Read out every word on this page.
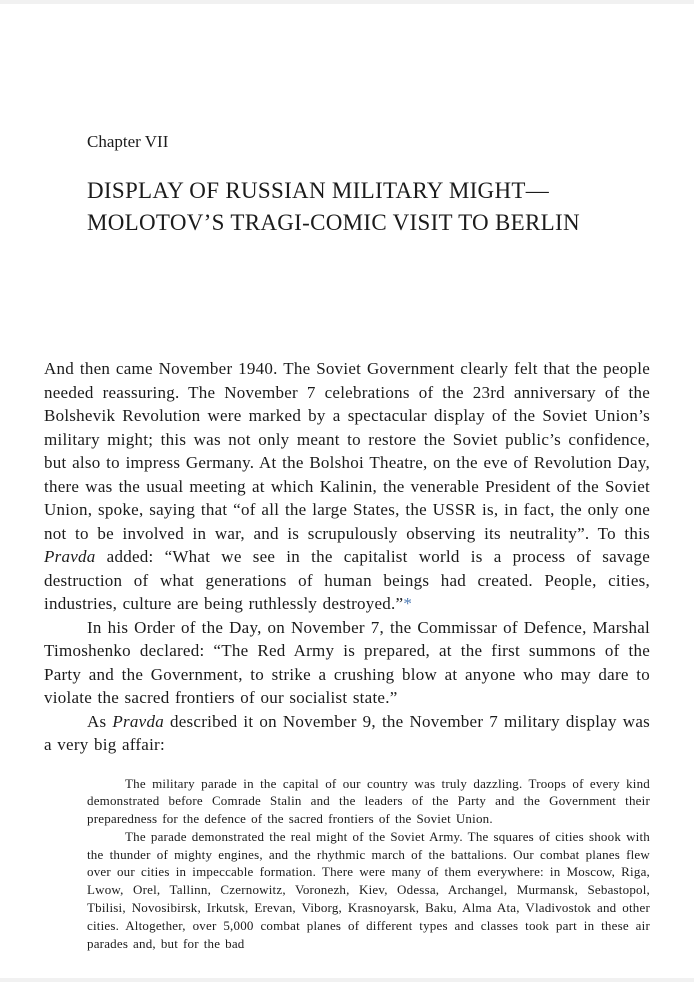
Chapter VII
DISPLAY OF RUSSIAN MILITARY MIGHT—
MOLOTOV’S TRAGI-COMIC VISIT TO BERLIN

And then came November 1940. The Soviet Government clearly felt that the people needed reassuring. The November 7 celebrations of the 23rd anniversary of the Bolshevik Revolution were marked by a spectacular display of the Soviet Union’s military might; this was not only meant to restore the Soviet public’s confidence, but also to impress Germany. At the Bolshoi Theatre, on the eve of Revolution Day, there was the usual meeting at which Kalinin, the venerable President of the Soviet Union, spoke, saying that “of all the large States, the USSR is, in fact, the only one not to be involved in war, and is scrupulously observing its neutrality”. To this Pravda added: “What we see in the capitalist world is a process of savage destruction of what generations of human beings had created. People, cities, industries, culture are being ruthlessly destroyed.”*

In his Order of the Day, on November 7, the Commissar of Defence, Marshal Timoshenko declared: “The Red Army is prepared, at the first summons of the Party and the Government, to strike a crushing blow at anyone who may dare to violate the sacred frontiers of our socialist state.”

As Pravda described it on November 9, the November 7 military display was a very big affair:

The military parade in the capital of our country was truly dazzling. Troops of every kind demonstrated before Comrade Stalin and the leaders of the Party and the Government their preparedness for the defence of the sacred frontiers of the Soviet Union.

The parade demonstrated the real might of the Soviet Army. The squares of cities shook with the thunder of mighty engines, and the rhythmic march of the battalions. Our combat planes flew over our cities in impeccable formation. There were many of them everywhere: in Moscow, Riga, Lwow, Orel, Tallinn, Czernowitz, Voronezh, Kiev, Odessa, Archangel, Murmansk, Sebastopol, Tbilisi, Novosibirsk, Irkutsk, Erevan, Viborg, Krasnoyarsk, Baku, Alma Ata, Vladivostok and other cities. Altogether, over 5,000 combat planes of different types and classes took part in these air parades and, but for the bad
